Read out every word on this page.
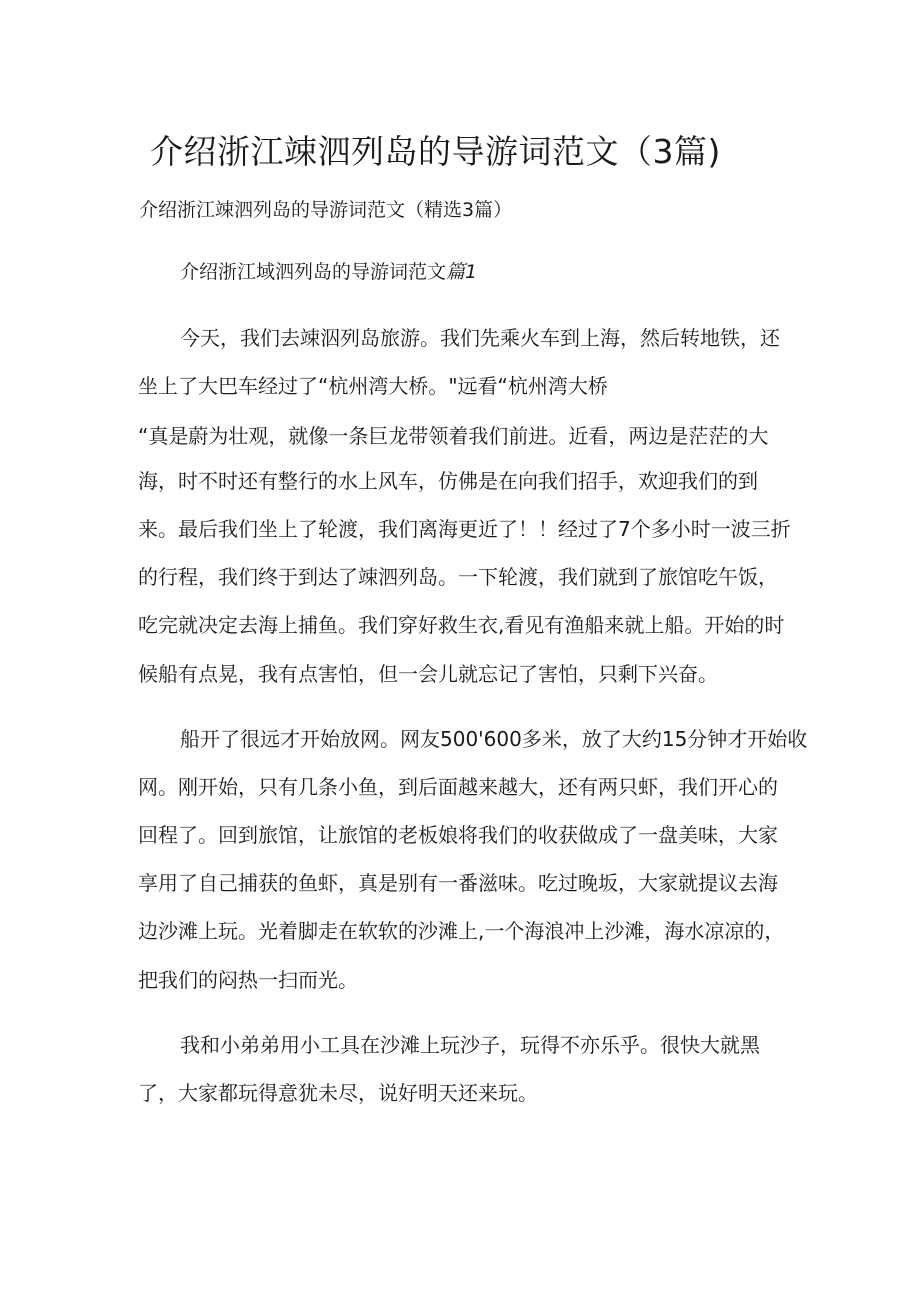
介绍浙江竦泗列岛的导游词范文（3篇)

介绍浙江竦泗列岛的导游词范文（精选3篇）

介绍浙江域泗列岛的导游词范文篇1

今天，我们去竦泅列岛旅游。我们先乘火车到上海，然后转地铁，还
坐上了大巴车经过了“杭州湾大桥。"远看“杭州湾大桥
“真是蔚为壮观，就像一条巨龙带领着我们前进。近看，两边是茫茫的大
海，时不时还有整行的水上风车，仿佛是在向我们招手，欢迎我们的到
来。最后我们坐上了轮渡，我们离海更近了！！经过了7个多小时一波三折
的行程，我们终于到达了竦泗列岛。一下轮渡，我们就到了旅馆吃午饭，
吃完就决定去海上捕鱼。我们穿好救生衣,看见有渔船来就上船。开始的时
候船有点晃，我有点害怕，但一会儿就忘记了害怕，只剩下兴奋。
船开了很远才开始放网。网友500'600多米，放了大约15分钟才开始收
网。刚开始，只有几条小鱼，到后面越来越大，还有两只虾，我们开心的
回程了。回到旅馆，让旅馆的老板娘将我们的收获做成了一盘美味，大家
享用了自己捕获的鱼虾，真是别有一番滋味。吃过晚坂，大家就提议去海
边沙滩上玩。光着脚走在软软的沙滩上,一个海浪冲上沙滩，海水凉凉的，
把我们的闷热一扫而光。
我和小弟弟用小工具在沙滩上玩沙子，玩得不亦乐乎。很快大就黑
了，大家都玩得意犹未尽，说好明天还来玩。
